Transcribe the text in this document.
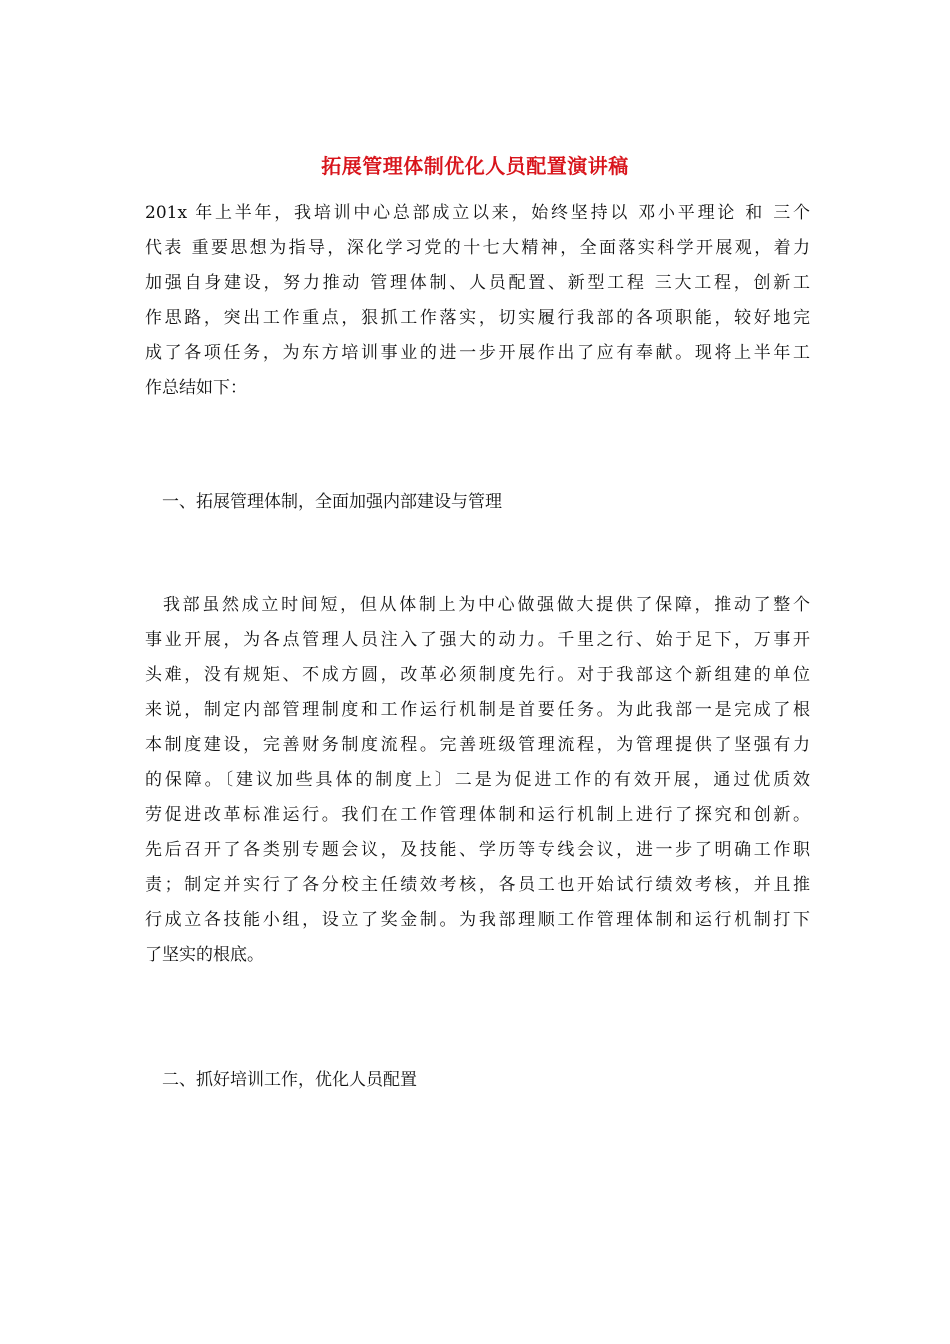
拓展管理体制优化人员配置演讲稿
201x 年上半年，我培训中心总部成立以来，始终坚持以 邓小平理论 和 三个
代表 重要思想为指导，深化学习党的十七大精神，全面落实科学开展观，着力
加强自身建设，努力推动 管理体制、人员配置、新型工程 三大工程，创新工
作思路，突出工作重点，狠抓工作落实，切实履行我部的各项职能，较好地完
成了各项任务，为东方培训事业的进一步开展作出了应有奉献。现将上半年工
作总结如下：
一、拓展管理体制，全面加强内部建设与管理
我部虽然成立时间短，但从体制上为中心做强做大提供了保障，推动了整个
事业开展，为各点管理人员注入了强大的动力。千里之行、始于足下，万事开
头难，没有规矩、不成方圆，改革必须制度先行。对于我部这个新组建的单位
来说，制定内部管理制度和工作运行机制是首要任务。为此我部一是完成了根
本制度建设，完善财务制度流程。完善班级管理流程，为管理提供了坚强有力
的保障。〔建议加些具体的制度上〕二是为促进工作的有效开展，通过优质效
劳促进改革标准运行。我们在工作管理体制和运行机制上进行了探究和创新。
先后召开了各类别专题会议，及技能、学历等专线会议，进一步了明确工作职
责；制定并实行了各分校主任绩效考核，各员工也开始试行绩效考核，并且推
行成立各技能小组，设立了奖金制。为我部理顺工作管理体制和运行机制打下
了坚实的根底。
二、抓好培训工作，优化人员配置
